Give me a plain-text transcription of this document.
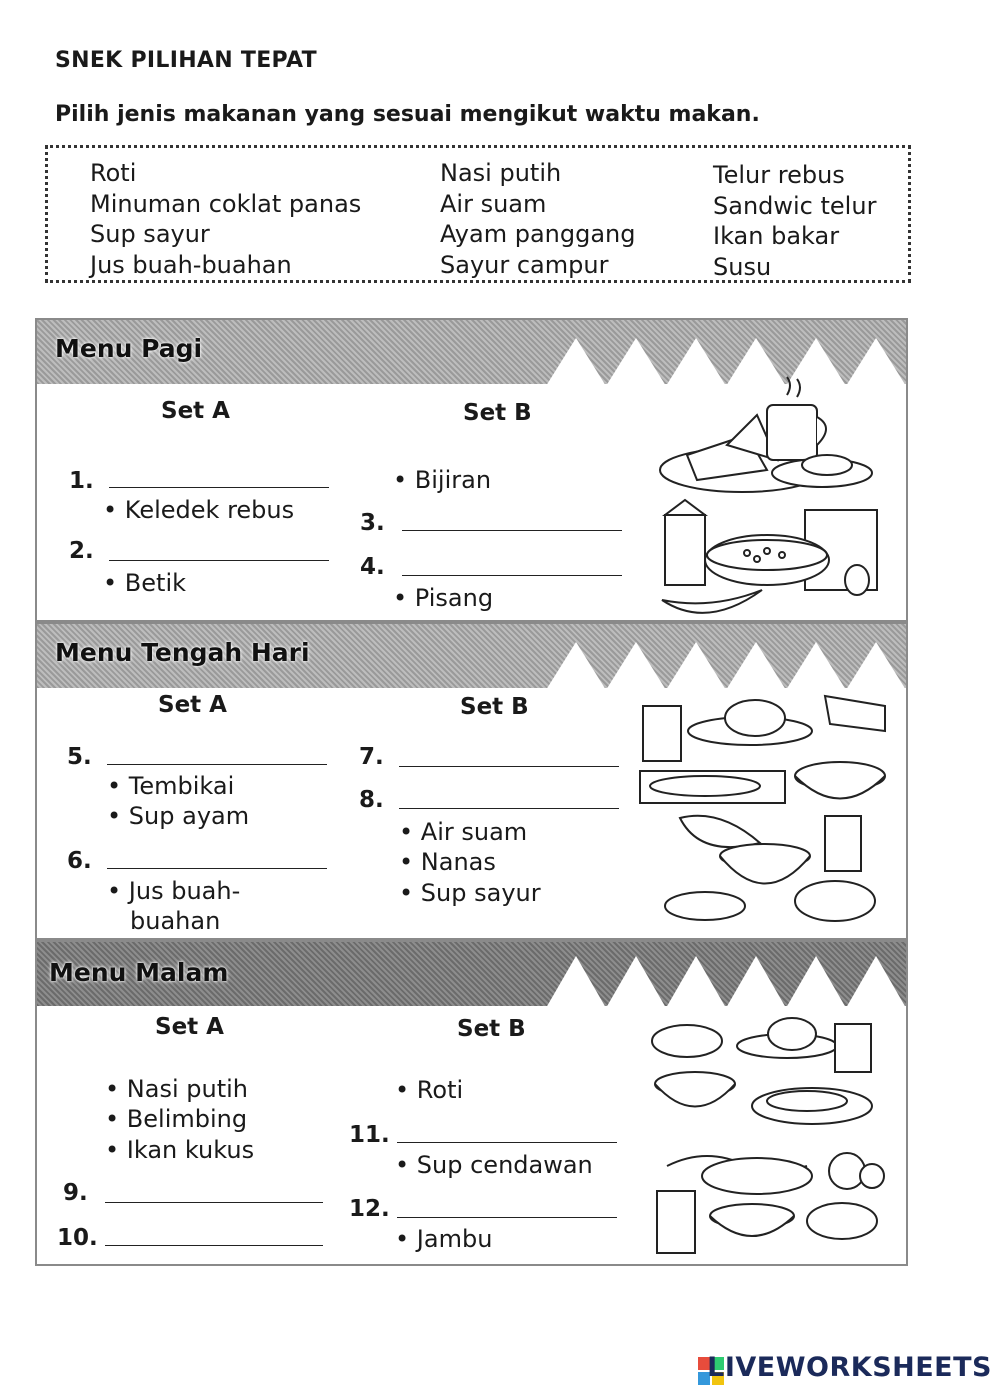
SNEK PILIHAN TEPAT
Pilih jenis makanan yang sesuai mengikut waktu makan.
Roti
Minuman coklat panas
Sup sayur
Jus buah-buahan
Nasi putih
Air suam
Ayam panggang
Sayur campur
Telur rebus
Sandwic telur
Ikan bakar
Susu
Menu Pagi
Set A	Set B
1.
• Keledek rebus
2.
• Betik
• Bijiran
3.
4.
• Pisang
Menu Tengah Hari
Set A	Set B
5.
• Tembikai
• Sup ayam
6.
• Jus buah-
buahan
7.
8.
• Air suam
• Nanas
• Sup sayur
Menu Malam
Set A	Set B
• Nasi putih
• Belimbing
• Ikan kukus
9.
10.
• Roti
11.
• Sup cendawan
12.
• Jambu
LIVEWORKSHEETS
